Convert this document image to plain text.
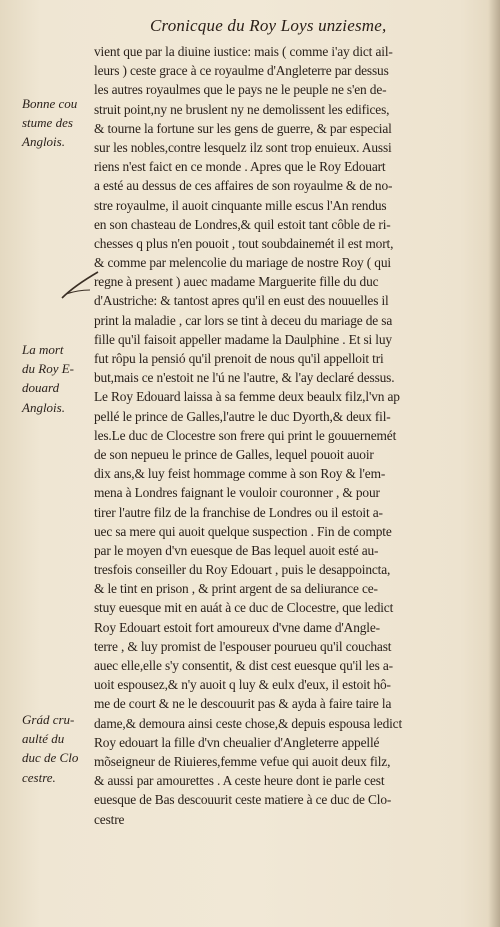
Cronicque du Roy Loys unziesme,
vient que par la diuine iustice: mais ( comme i'ay dict ail-
leurs ) ceste grace à ce royaulme d'Angleterre par dessus
les autres royaulmes que le pays ne le peuple ne s'en de-
struit point,ny ne bruslent ny ne demolissent les edifices,
& tourne la fortune sur les gens de guerre, & par especial
sur les nobles,contre lesquelz ilz sont trop enuieux. Aussi
riens n'est faict en ce monde . Apres que le Roy Edouart
a esté au dessus de ces affaires de son royaulme & de no-
stre royaulme, il auoit cinquante mille escus l'An rendus
en son chasteau de Londres,& quil estoit tant côble de ri-
chesses q plus n'en pouoit , tout soubdainemét il est mort,
& comme par melencolie du mariage de nostre Roy ( qui
regne à present ) auec madame Marguerite fille du duc
d'Austriche: & tantost apres qu'il en eust des nouuelles il
print la maladie , car lors se tint à deceu du mariage de sa
fille qu'il faisoit appeller madame la Daulphine . Et si luy
fut rôpu la pensió qu'il prenoit de nous qu'il appelloit tri
but,mais ce n'estoit ne l'ú ne l'autre, & l'ay declaré dessus.
Le Roy Edouard laissa à sa femme deux beaulx filz,l'vn ap
pellé le prince de Galles,l'autre le duc Dyorth,& deux fil-
les.Le duc de Clocestre son frere qui print le gouuernemét
de son nepueu le prince de Galles, lequel pouoit auoir
dix ans,& luy feist hommage comme à son Roy & l'em-
mena à Londres faignant le vouloir couronner , & pour
tirer l'autre filz de la franchise de Londres ou il estoit a-
uec sa mere qui auoit quelque suspection . Fin de compte
par le moyen d'vn euesque de Bas lequel auoit esté au-
tresfois conseiller du Roy Edouart , puis le desappoincta,
& le tint en prison , & print argent de sa deliurance ce-
stuy euesque mit en auát à ce duc de Clocestre, que ledict
Roy Edouart estoit fort amoureux d'vne dame d'Angle-
terre , & luy promist de l'espouser pourueu qu'il couchast
auec elle,elle s'y consentit, & dist cest euesque qu'il les a-
uoit espousez,& n'y auoit q luy & eulx d'eux, il estoit hô-
me de court & ne le descouurit pas & ayda à faire taire la
dame,& demoura ainsi ceste chose,& depuis espousa ledict
Roy edouart la fille d'vn cheualier d'Angleterre appellé
mõseigneur de Riuieres,femme vefue qui auoit deux filz,
& aussi par amourettes . A ceste heure dont ie parle cest
euesque de Bas descouurit ceste matiere à ce duc de Clo-
cestre
Bonne cou
stume des
Anglois.
La mort
du Roy E-
douard
Anglois.
Grád cru-
aulté du
duc de Clo
cestre.
